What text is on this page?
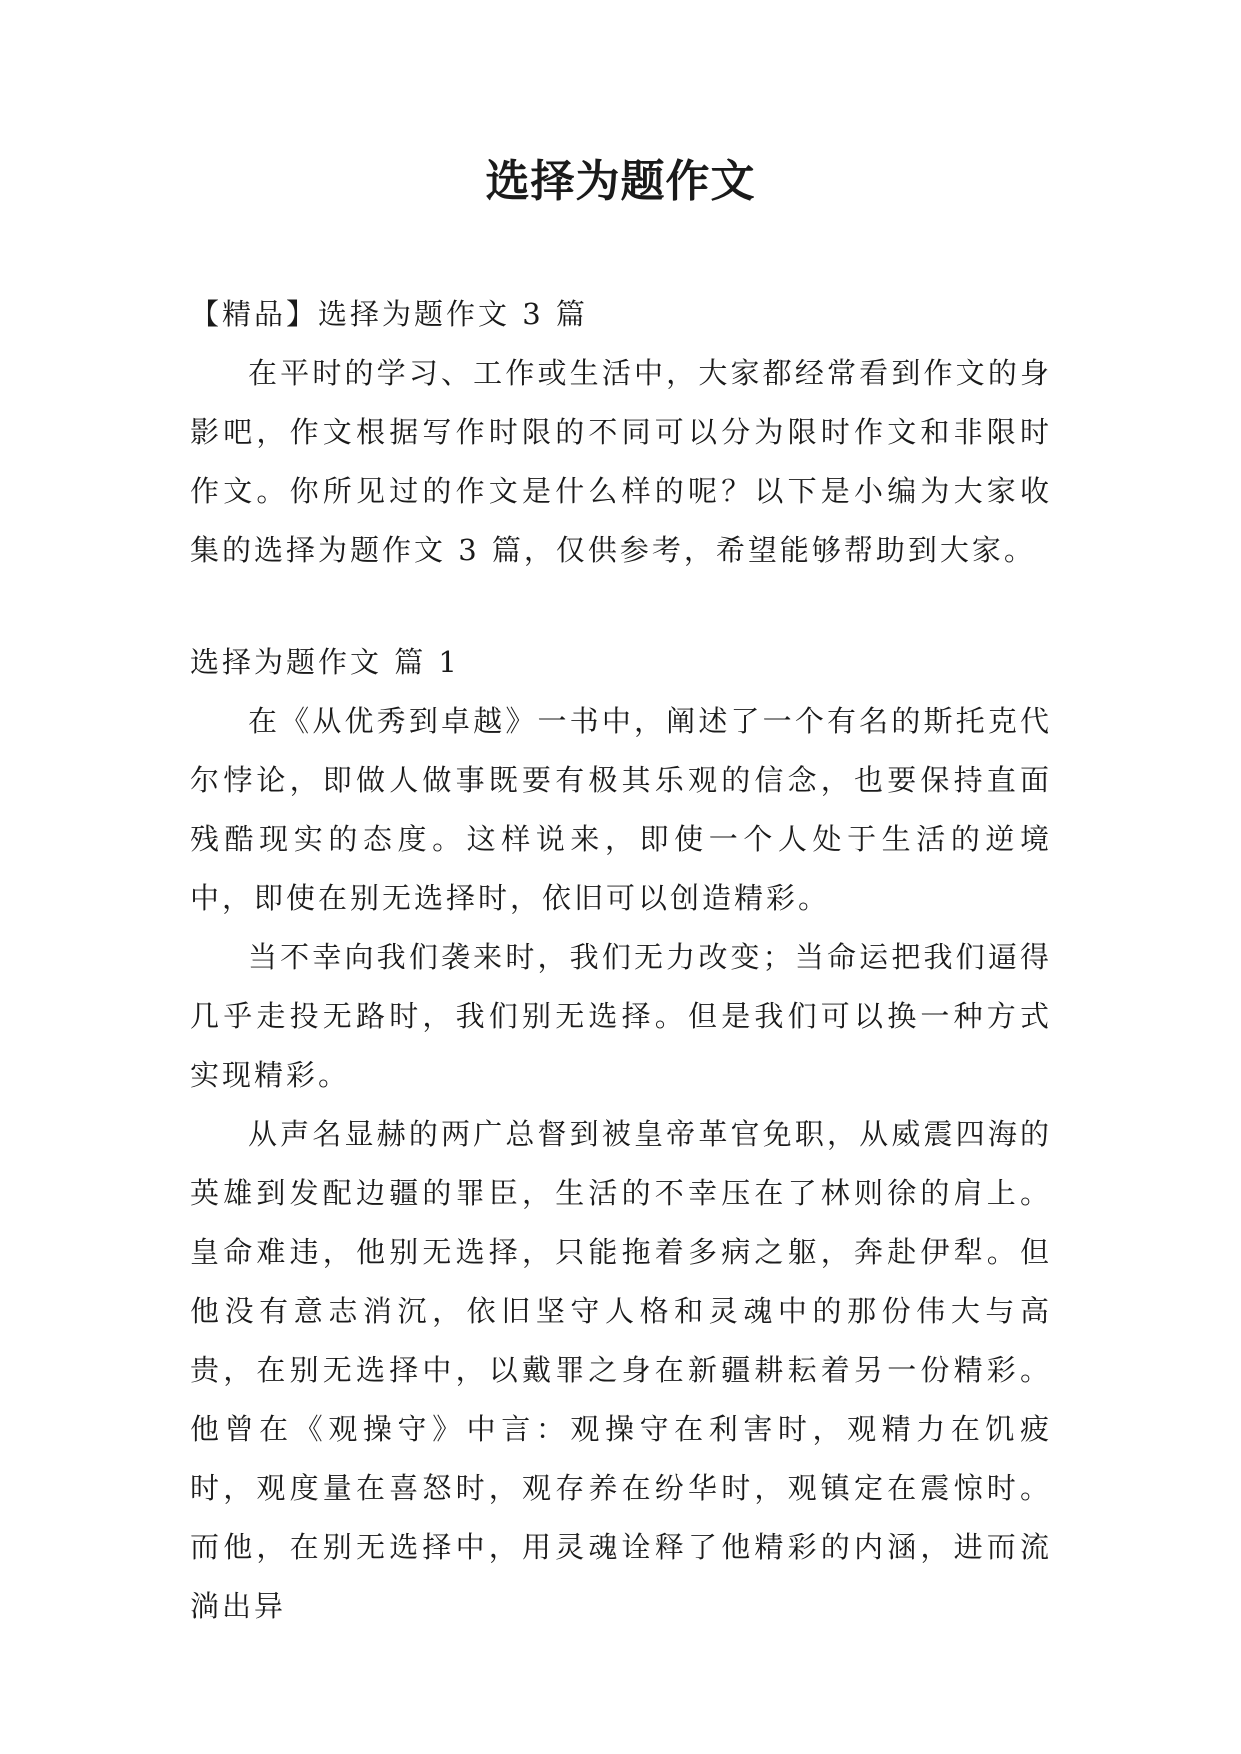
选择为题作文
【精品】选择为题作文 3 篇

在平时的学习、工作或生活中，大家都经常看到作文的身影吧，作文根据写作时限的不同可以分为限时作文和非限时作文。你所见过的作文是什么样的呢？以下是小编为大家收集的选择为题作文 3 篇，仅供参考，希望能够帮助到大家。

选择为题作文 篇 1

在《从优秀到卓越》一书中，阐述了一个有名的斯托克代尔悖论，即做人做事既要有极其乐观的信念，也要保持直面残酷现实的态度。这样说来，即使一个人处于生活的逆境中，即使在别无选择时，依旧可以创造精彩。

当不幸向我们袭来时，我们无力改变；当命运把我们逼得几乎走投无路时，我们别无选择。但是我们可以换一种方式实现精彩。

从声名显赫的两广总督到被皇帝革官免职，从威震四海的英雄到发配边疆的罪臣，生活的不幸压在了林则徐的肩上。皇命难违，他别无选择，只能拖着多病之躯，奔赴伊犁。但他没有意志消沉，依旧坚守人格和灵魂中的那份伟大与高贵，在别无选择中，以戴罪之身在新疆耕耘着另一份精彩。他曾在《观操守》中言：观操守在利害时，观精力在饥疲时，观度量在喜怒时，观存养在纷华时，观镇定在震惊时。而他，在别无选择中，用灵魂诠释了他精彩的内涵，进而流淌出异
